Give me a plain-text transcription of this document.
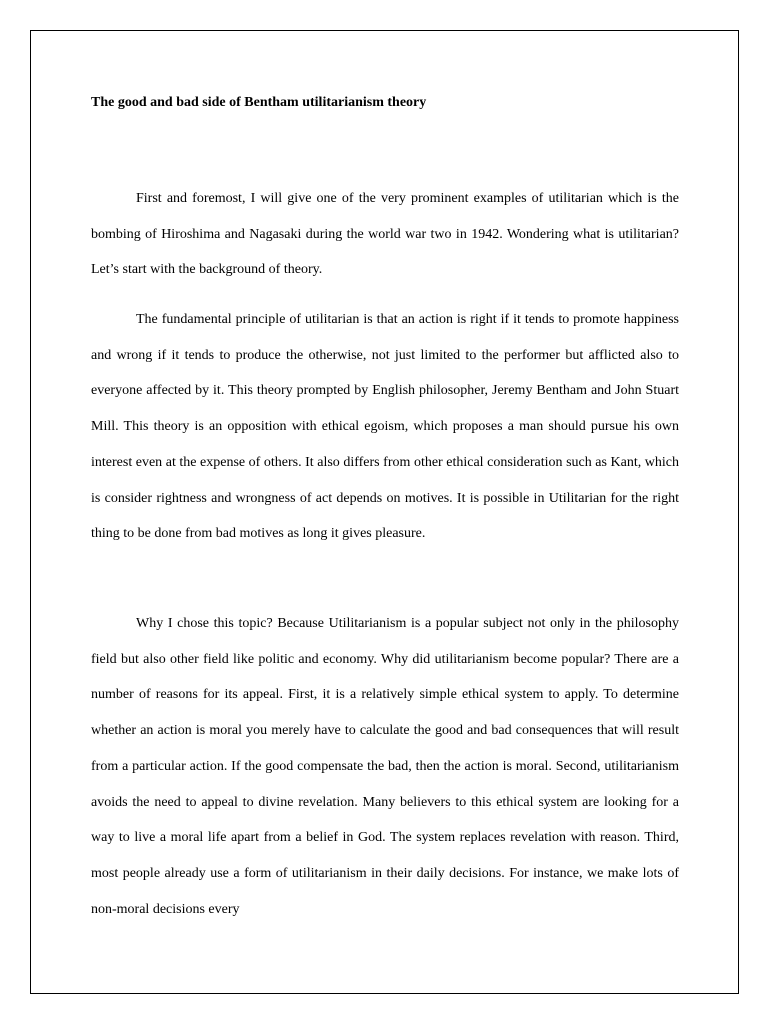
The good and bad side of Bentham utilitarianism theory

First and foremost, I will give one of the very prominent examples of utilitarian which is the bombing of Hiroshima and Nagasaki during the world war two in 1942. Wondering what is utilitarian? Let’s start with the background of theory.

The fundamental principle of utilitarian is that an action is right if it tends to promote happiness and wrong if it tends to produce the otherwise, not just limited to the performer but afflicted also to everyone affected by it. This theory prompted by English philosopher, Jeremy Bentham and John Stuart Mill. This theory is an opposition with ethical egoism, which proposes a man should pursue his own interest even at the expense of others. It also differs from other ethical consideration such as Kant, which is consider rightness and wrongness of act depends on motives. It is possible in Utilitarian for the right thing to be done from bad motives as long it gives pleasure.

Why I chose this topic? Because Utilitarianism is a popular subject not only in the philosophy field but also other field like politic and economy. Why did utilitarianism become popular? There are a number of reasons for its appeal. First, it is a relatively simple ethical system to apply. To determine whether an action is moral you merely have to calculate the good and bad consequences that will result from a particular action. If the good compensate the bad, then the action is moral. Second, utilitarianism avoids the need to appeal to divine revelation. Many believers to this ethical system are looking for a way to live a moral life apart from a belief in God. The system replaces revelation with reason. Third, most people already use a form of utilitarianism in their daily decisions. For instance, we make lots of non-moral decisions every
